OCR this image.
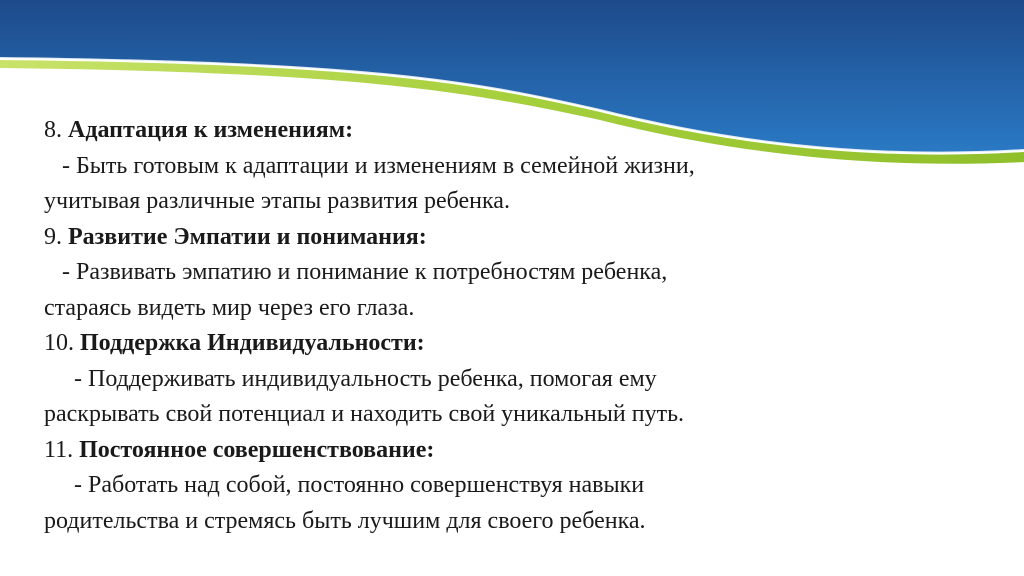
8. Адаптация к изменениям:
- Быть готовым к адаптации и изменениям в семейной жизни,
учитывая различные этапы развития ребенка.
9. Развитие Эмпатии и понимания:
- Развивать эмпатию и понимание к потребностям ребенка,
стараясь видеть мир через его глаза.
10. Поддержка Индивидуальности:
- Поддерживать индивидуальность ребенка, помогая ему
раскрывать свой потенциал и находить свой уникальный путь.
11. Постоянное совершенствование:
- Работать над собой, постоянно совершенствуя навыки
родительства и стремясь быть лучшим для своего ребенка.
